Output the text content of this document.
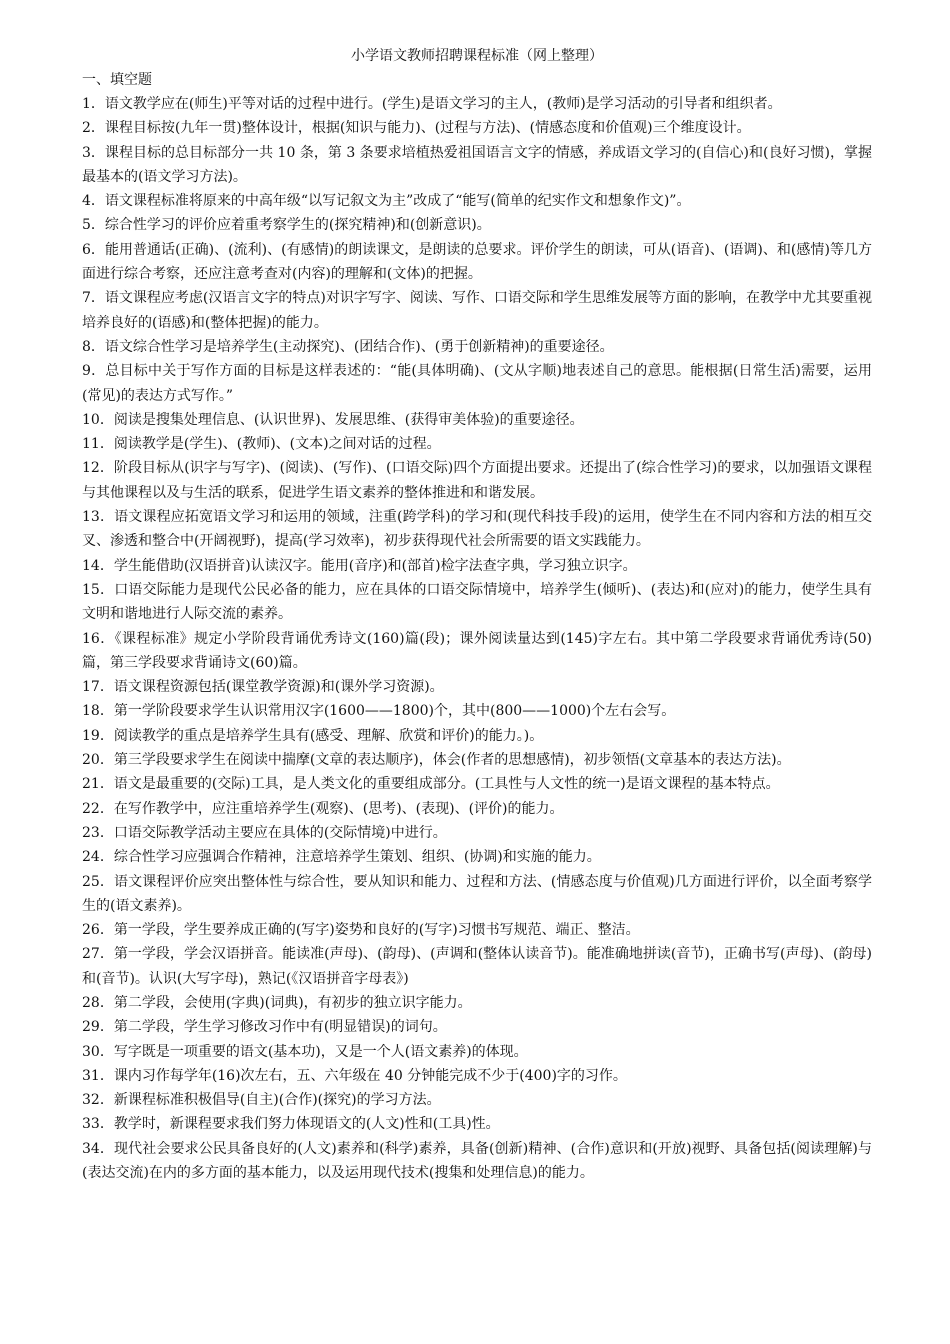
小学语文教师招聘课程标准（网上整理）
一、填空题

1．语文教学应在(师生)平等对话的过程中进行。(学生)是语文学习的主人，(教师)是学习活动的引导者和组织者。

2．课程目标按(九年一贯)整体设计，根据(知识与能力)、(过程与方法)、(情感态度和价值观)三个维度设计。

3．课程目标的总目标部分一共 10 条，第 3 条要求培植热爱祖国语言文字的情感，养成语文学习的(自信心)和(良好习惯)，掌握最基本的(语文学习方法)。

4．语文课程标准将原来的中高年级“以写记叙文为主”改成了“能写(简单的纪实作文和想象作文)”。

5．综合性学习的评价应着重考察学生的(探究精神)和(创新意识)。

6．能用普通话(正确)、(流利)、(有感情)的朗读课文，是朗读的总要求。评价学生的朗读，可从(语音)、(语调)、和(感情)等几方面进行综合考察，还应注意考查对(内容)的理解和(文体)的把握。

7．语文课程应考虑(汉语言文字的特点)对识字写字、阅读、写作、口语交际和学生思维发展等方面的影响，在教学中尤其要重视培养良好的(语感)和(整体把握)的能力。

8．语文综合性学习是培养学生(主动探究)、(团结合作)、(勇于创新精神)的重要途径。

9．总目标中关于写作方面的目标是这样表述的：“能(具体明确)、(文从字顺)地表述自己的意思。能根据(日常生活)需要，运用(常见)的表达方式写作。”

10．阅读是搜集处理信息、(认识世界)、发展思维、(获得审美体验)的重要途径。

11．阅读教学是(学生)、(教师)、(文本)之间对话的过程。

12．阶段目标从(识字与写字)、(阅读)、(写作)、(口语交际)四个方面提出要求。还提出了(综合性学习)的要求，以加强语文课程与其他课程以及与生活的联系，促进学生语文素养的整体推进和和谐发展。

13．语文课程应拓宽语文学习和运用的领域，注重(跨学科)的学习和(现代科技手段)的运用，使学生在不同内容和方法的相互交叉、渗透和整合中(开阔视野)，提高(学习效率)，初步获得现代社会所需要的语文实践能力。

14．学生能借助(汉语拼音)认读汉字。能用(音序)和(部首)检字法查字典，学习独立识字。

15．口语交际能力是现代公民必备的能力，应在具体的口语交际情境中，培养学生(倾听)、(表达)和(应对)的能力，使学生具有文明和谐地进行人际交流的素养。

16．《课程标准》规定小学阶段背诵优秀诗文(160)篇(段)；课外阅读量达到(145)字左右。其中第二学段要求背诵优秀诗(50)篇，第三学段要求背诵诗文(60)篇。

17．语文课程资源包括(课堂教学资源)和(课外学习资源)。

18．第一学阶段要求学生认识常用汉字(1600——1800)个，其中(800——1000)个左右会写。

19．阅读教学的重点是培养学生具有(感受、理解、欣赏和评价)的能力。)。

20．第三学段要求学生在阅读中揣摩(文章的表达顺序)，体会(作者的思想感情)，初步领悟(文章基本的表达方法)。

21．语文是最重要的(交际)工具，是人类文化的重要组成部分。(工具性与人文性的统一)是语文课程的基本特点。

22．在写作教学中，应注重培养学生(观察)、(思考)、(表现)、(评价)的能力。

23．口语交际教学活动主要应在具体的(交际情境)中进行。

24．综合性学习应强调合作精神，注意培养学生策划、组织、(协调)和实施的能力。

25．语文课程评价应突出整体性与综合性，要从知识和能力、过程和方法、(情感态度与价值观)几方面进行评价，以全面考察学生的(语文素养)。

26．第一学段，学生要养成正确的(写字)姿势和良好的(写字)习惯书写规范、端正、整洁。

27．第一学段，学会汉语拼音。能读准(声母)、(韵母)、(声调和(整体认读音节)。能准确地拼读(音节)，正确书写(声母)、(韵母)和(音节)。认识(大写字母)，熟记(《汉语拼音字母表》)

28．第二学段，会使用(字典)(词典)，有初步的独立识字能力。

29．第二学段，学生学习修改习作中有(明显错误)的词句。

30．写字既是一项重要的语文(基本功)，又是一个人(语文素养)的体现。

31．课内习作每学年(16)次左右，五、六年级在 40 分钟能完成不少于(400)字的习作。

32．新课程标准积极倡导(自主)(合作)(探究)的学习方法。

33．教学时，新课程要求我们努力体现语文的(人文)性和(工具)性。

34．现代社会要求公民具备良好的(人文)素养和(科学)素养，具备(创新)精神、(合作)意识和(开放)视野、具备包括(阅读理解)与(表达交流)在内的多方面的基本能力，以及运用现代技术(搜集和处理信息)的能力。
